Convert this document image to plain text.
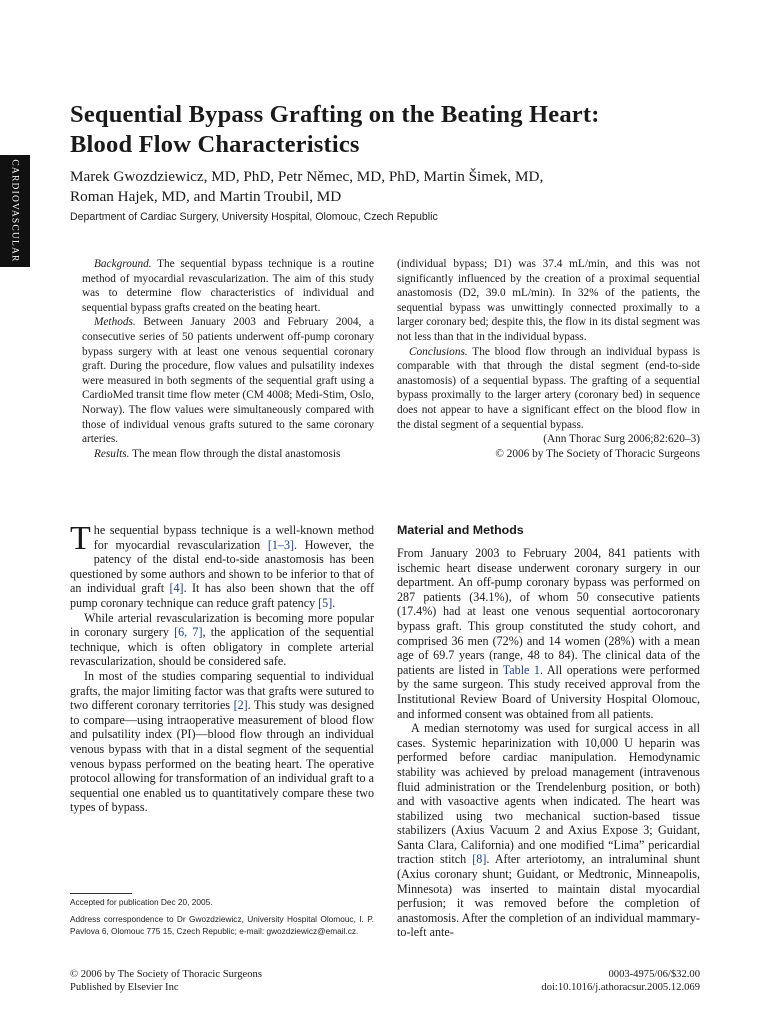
CARDIOVASCULAR
Sequential Bypass Grafting on the Beating Heart:
Blood Flow Characteristics

Marek Gwozdziewicz, MD, PhD, Petr Němec, MD, PhD, Martin Šimek, MD,
Roman Hajek, MD, and Martin Troubil, MD

Department of Cardiac Surgery, University Hospital, Olomouc, Czech Republic

Background. The sequential bypass technique is a routine method of myocardial revascularization. The aim of this study was to determine flow characteristics of individual and sequential bypass grafts created on the beating heart.

Methods. Between January 2003 and February 2004, a consecutive series of 50 patients underwent off-pump coronary bypass surgery with at least one venous sequential coronary graft. During the procedure, flow values and pulsatility indexes were measured in both segments of the sequential graft using a CardioMed transit time flow meter (CM 4008; Medi-Stim, Oslo, Norway). The flow values were simultaneously compared with those of individual venous grafts sutured to the same coronary arteries.

Results. The mean flow through the distal anastomosis

(individual bypass; D1) was 37.4 mL/min, and this was not significantly influenced by the creation of a proximal sequential anastomosis (D2, 39.0 mL/min). In 32% of the patients, the sequential bypass was unwittingly connected proximally to a larger coronary bed; despite this, the flow in its distal segment was not less than that in the individual bypass.

Conclusions. The blood flow through an individual bypass is comparable with that through the distal segment (end-to-side anastomosis) of a sequential bypass. The grafting of a sequential bypass proximally to the larger artery (coronary bed) in sequence does not appear to have a significant effect on the blood flow in the distal segment of a sequential bypass.

(Ann Thorac Surg 2006;82:620–3)
© 2006 by The Society of Thoracic Surgeons

The sequential bypass technique is a well-known method for myocardial revascularization [1–3]. However, the patency of the distal end-to-side anastomosis has been questioned by some authors and shown to be inferior to that of an individual graft [4]. It has also been shown that the off pump coronary technique can reduce graft patency [5].

While arterial revascularization is becoming more popular in coronary surgery [6, 7], the application of the sequential technique, which is often obligatory in complete arterial revascularization, should be considered safe.

In most of the studies comparing sequential to individual grafts, the major limiting factor was that grafts were sutured to two different coronary territories [2]. This study was designed to compare—using intraoperative measurement of blood flow and pulsatility index (PI)—blood flow through an individual venous bypass with that in a distal segment of the sequential venous bypass performed on the beating heart. The operative protocol allowing for transformation of an individual graft to a sequential one enabled us to quantitatively compare these two types of bypass.

Material and Methods

From January 2003 to February 2004, 841 patients with ischemic heart disease underwent coronary surgery in our department. An off-pump coronary bypass was performed on 287 patients (34.1%), of whom 50 consecutive patients (17.4%) had at least one venous sequential aortocoronary bypass graft. This group constituted the study cohort, and comprised 36 men (72%) and 14 women (28%) with a mean age of 69.7 years (range, 48 to 84). The clinical data of the patients are listed in Table 1. All operations were performed by the same surgeon. This study received approval from the Institutional Review Board of University Hospital Olomouc, and informed consent was obtained from all patients.

A median sternotomy was used for surgical access in all cases. Systemic heparinization with 10,000 U heparin was performed before cardiac manipulation. Hemodynamic stability was achieved by preload management (intravenous fluid administration or the Trendelenburg position, or both) and with vasoactive agents when indicated. The heart was stabilized using two mechanical suction-based tissue stabilizers (Axius Vacuum 2 and Axius Expose 3; Guidant, Santa Clara, California) and one modified “Lima” pericardial traction stitch [8]. After arteriotomy, an intraluminal shunt (Axius coronary shunt; Guidant, or Medtronic, Minneapolis, Minnesota) was inserted to maintain distal myocardial perfusion; it was removed before the completion of anastomosis. After the completion of an individual mammary-to-left ante-

Accepted for publication Dec 20, 2005.

Address correspondence to Dr Gwozdziewicz, University Hospital Olomouc, I. P. Pavlova 6, Olomouc 775 15, Czech Republic; e-mail: gwozdziewicz@email.cz.

© 2006 by The Society of Thoracic Surgeons
Published by Elsevier Inc
0003-4975/06/$32.00
doi:10.1016/j.athoracsur.2005.12.069
